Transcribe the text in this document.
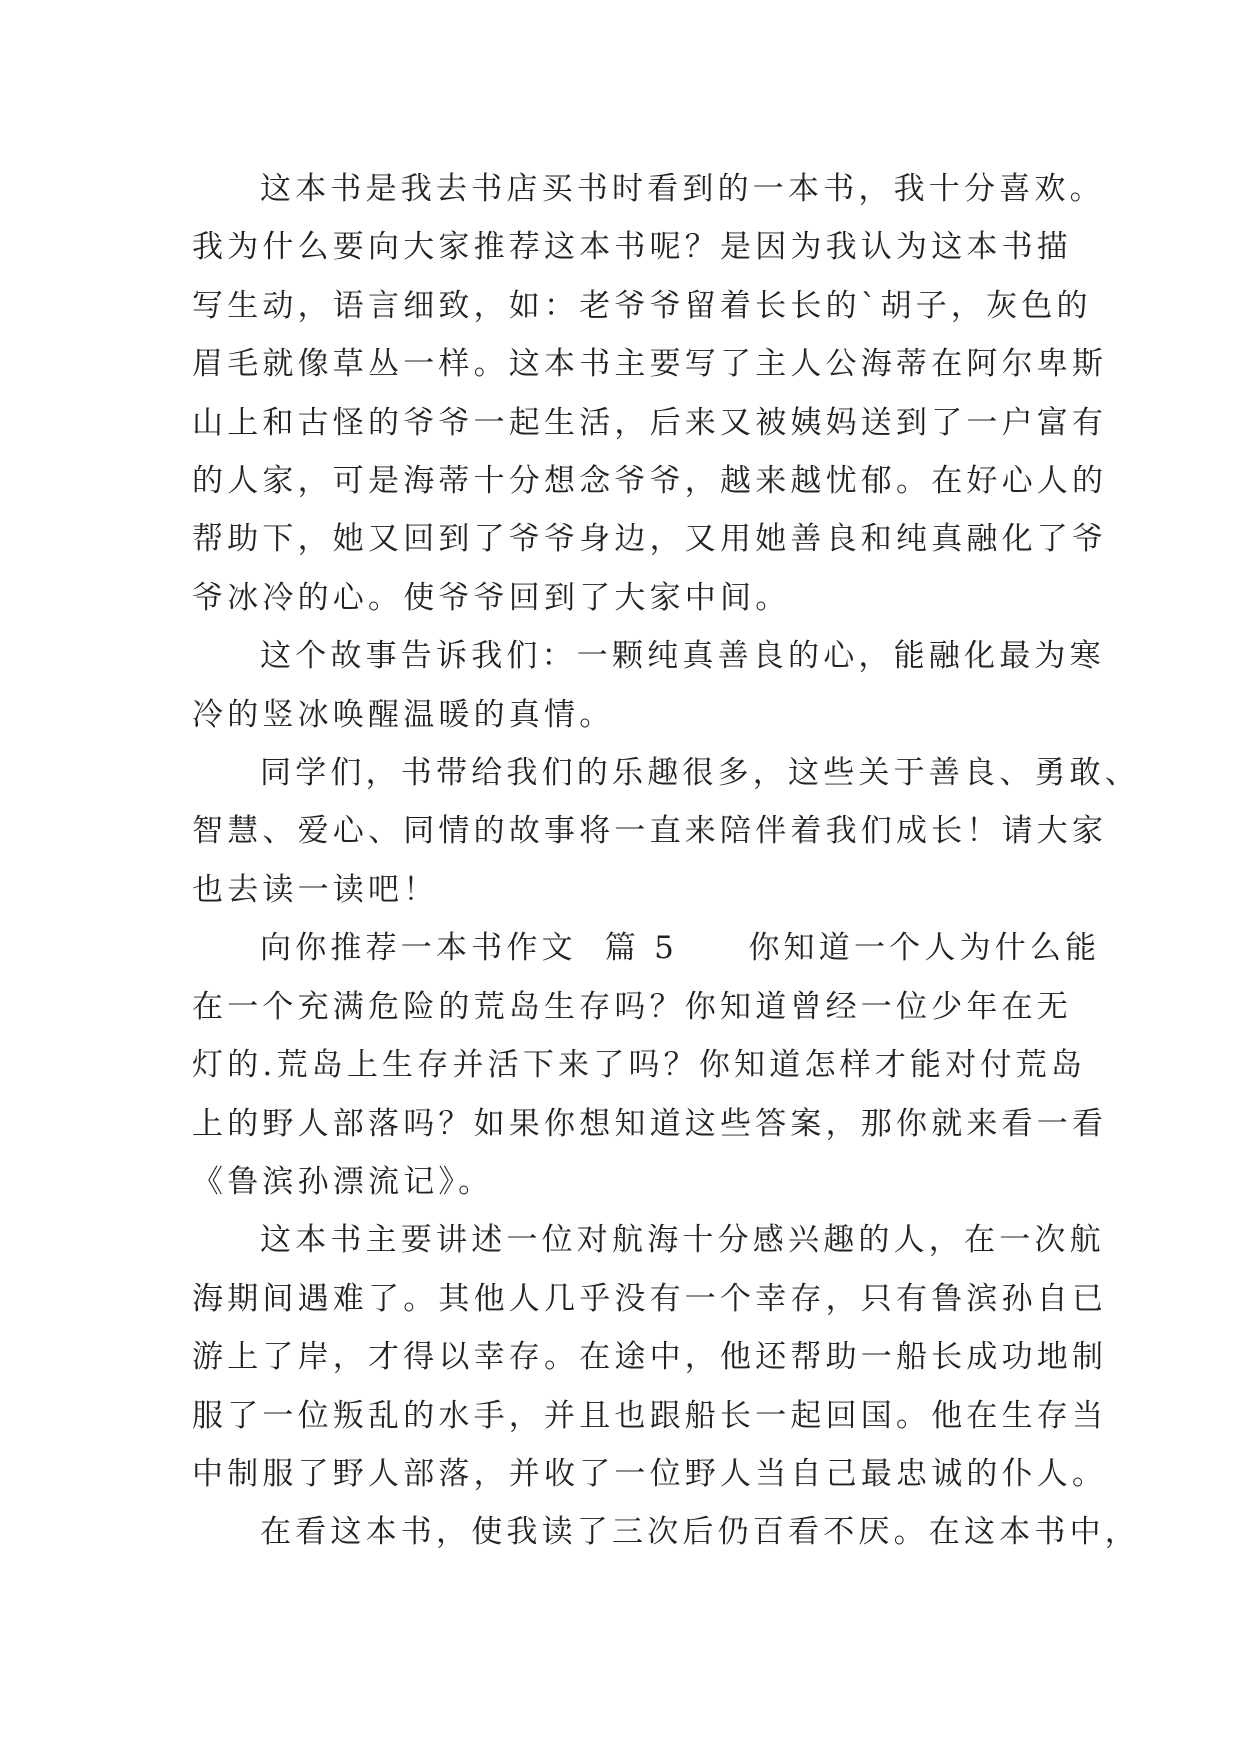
这本书是我去书店买书时看到的一本书，我十分喜欢。
我为什么要向大家推荐这本书呢？是因为我认为这本书描
写生动，语言细致，如：老爷爷留着长长的`胡子，灰色的
眉毛就像草丛一样。这本书主要写了主人公海蒂在阿尔卑斯
山上和古怪的爷爷一起生活，后来又被姨妈送到了一户富有
的人家，可是海蒂十分想念爷爷，越来越忧郁。在好心人的
帮助下，她又回到了爷爷身边，又用她善良和纯真融化了爷
爷冰冷的心。使爷爷回到了大家中间。
这个故事告诉我们：一颗纯真善良的心，能融化最为寒
冷的竖冰唤醒温暖的真情。
同学们，书带给我们的乐趣很多，这些关于善良、勇敢、
智慧、爱心、同情的故事将一直来陪伴着我们成长！请大家
也去读一读吧！
向你推荐一本书作文  篇 5     你知道一个人为什么能
在一个充满危险的荒岛生存吗？你知道曾经一位少年在无
灯的.荒岛上生存并活下来了吗？你知道怎样才能对付荒岛
上的野人部落吗？如果你想知道这些答案，那你就来看一看
《鲁滨孙漂流记》。
这本书主要讲述一位对航海十分感兴趣的人，在一次航
海期间遇难了。其他人几乎没有一个幸存，只有鲁滨孙自已
游上了岸，才得以幸存。在途中，他还帮助一船长成功地制
服了一位叛乱的水手，并且也跟船长一起回国。他在生存当
中制服了野人部落，并收了一位野人当自己最忠诚的仆人。
在看这本书，使我读了三次后仍百看不厌。在这本书中，
